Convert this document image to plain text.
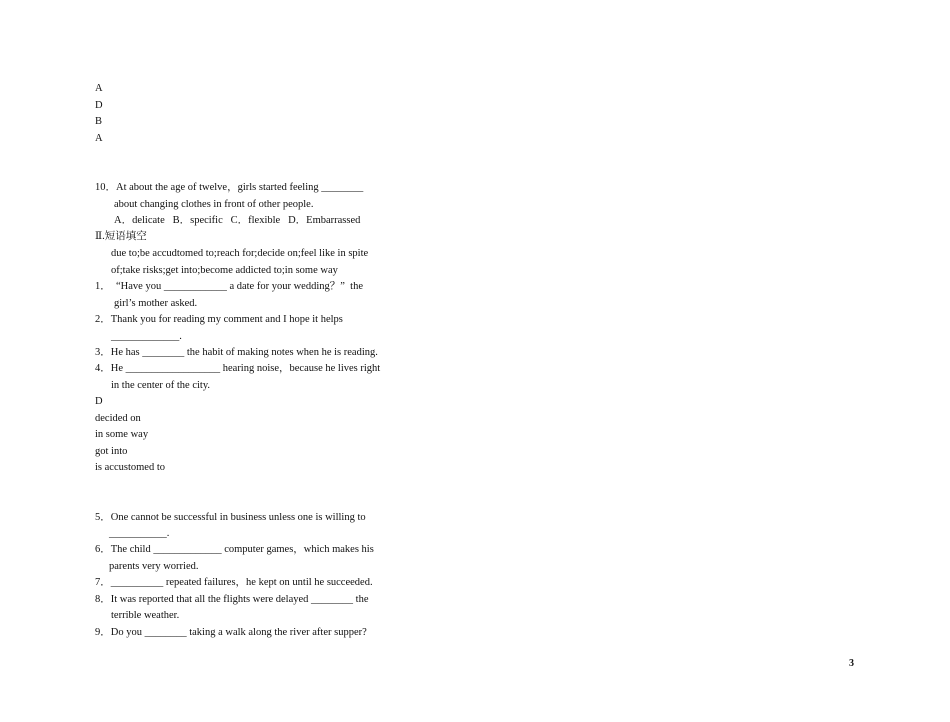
A
D
B
A
10．At about the age of twelve，girls started feeling ________
about changing clothes in front of other people.
A．delicate   B．specific   C．flexible   D．Embarrassed
Ⅱ.短语填空
due to;be accudtomed to;reach for;decide on;feel like in spite
of;take risks;get into;become addicted to;in some way
1．  “Have you ____________ a date for your wedding？”  the
girl’s mother asked.
2．Thank you for reading my comment and I hope it helps
_____________.
3．He has ________ the habit of making notes when he is reading.
4．He __________________ hearing noise，because he lives right
in the center of the city.
D
decided on
in some way
got into
is accustomed to
5．One cannot be successful in business unless one is willing to
___________.
6．The child _____________ computer games，which makes his
parents very worried.
7．__________ repeated failures，he kept on until he succeeded.
8．It was reported that all the flights were delayed ________ the
terrible weather.
9．Do you ________ taking a walk along the river after supper?
3
